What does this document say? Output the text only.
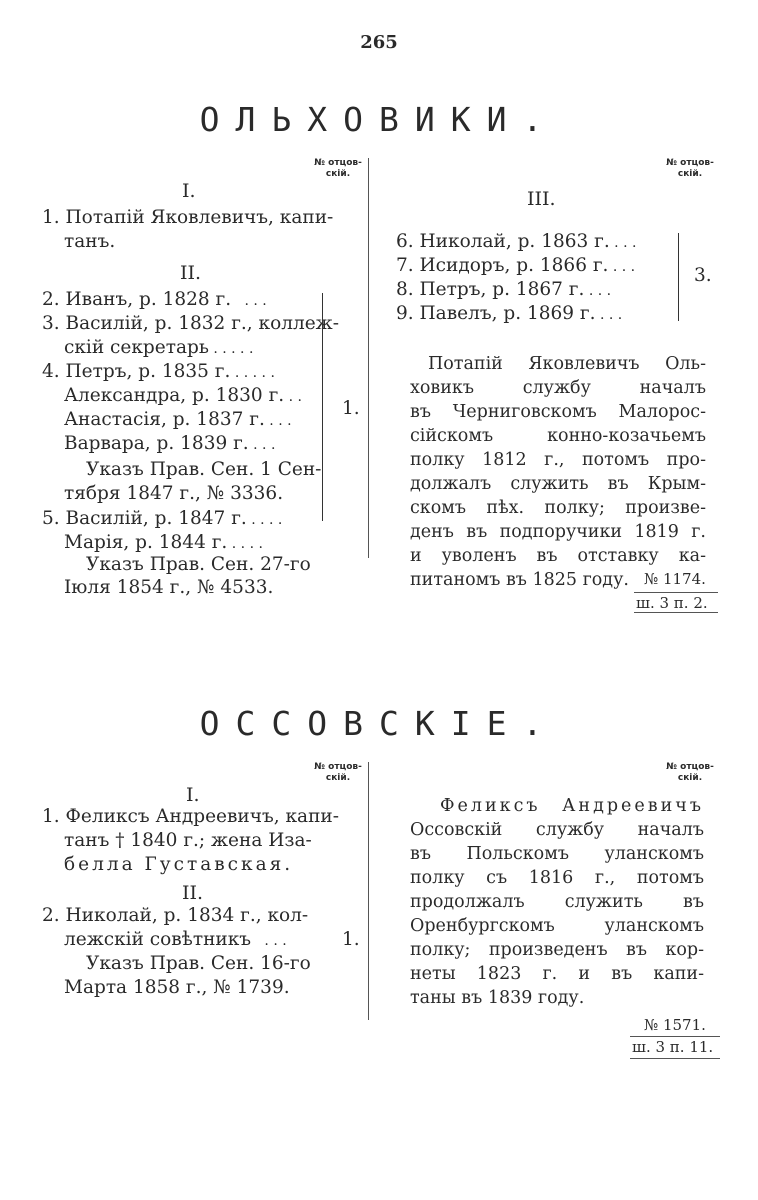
265
ОЛЬХОВИКИ.
№ отцов-
скій.
№ отцов-
скій.
I.
1. Потапій Яковлевичъ, капи-
танъ.
II.
2. Иванъ, р. 1828 г.   . . .
3. Василій, р. 1832 г., коллеж-
скій секретарь . . . . .
4. Петръ, р. 1835 г. . . . . .
Александра, р. 1830 г. . .
Анастасія, р. 1837 г. . . .
Варвара, р. 1839 г. . . .
Указъ Прав. Сен. 1 Сен-
тября 1847 г., № 3336.
5. Василій, р. 1847 г. . . . .
Марія, р. 1844 г. . . . .
Указъ Прав. Сен. 27-го
Іюля 1854 г., № 4533.
1.
III.
6. Николай, р. 1863 г. . . .
7. Исидоръ, р. 1866 г. . . .
8. Петръ, р. 1867 г. . . .
9. Павелъ, р. 1869 г. . . .
3.
Потапій Яковлевичъ Оль-
ховикъ службу началъ
въ Черниговскомъ Малорос-
сійскомъ конно-козачьемъ
полку 1812 г., потомъ про-
должалъ служить въ Крым-
скомъ пѣх. полку; произве-
денъ въ подпоручики 1819 г.
и уволенъ въ отставку ка-
питаномъ въ 1825 году.	№ 1174.
ш. 3 п. 2.
ОССОВСКІЕ.
№ отцов-
скій.
№ отцов-
скій.
I.
1. Феликсъ Андреевичъ, капи-
танъ † 1840 г.; жена Иза-
белла Густавская.
II.
2. Николай, р. 1834 г., кол-
лежскій совѣтникъ   . . .	1.
Указъ Прав. Сен. 16-го
Марта 1858 г., № 1739.
Феликсъ Андреевичъ
Оссовскій службу началъ
въ Польскомъ уланскомъ
полку съ 1816 г., потомъ
продолжалъ служить въ
Оренбургскомъ уланскомъ
полку; произведенъ въ кор-
неты 1823 г. и въ капи-
таны въ 1839 году.
№ 1571.
ш. 3 п. 11.
